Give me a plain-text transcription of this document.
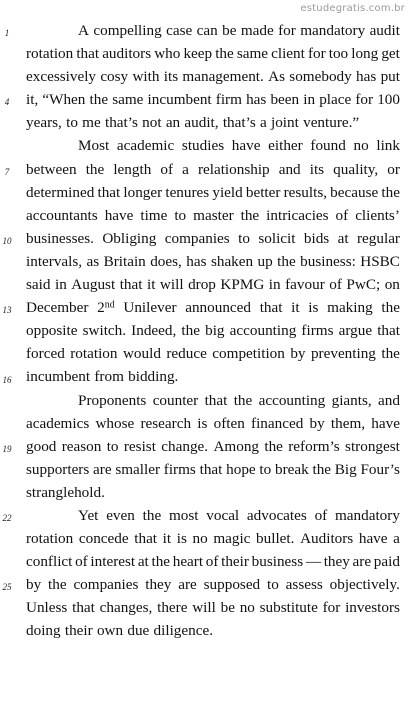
estudegratis.com.br
A compelling case can be made for mandatory audit
rotation that auditors who keep the same client for too long get
excessively cosy with its management. As somebody has put
it, “When the same incumbent firm has been in place for 100
years, to me that’s not an audit, that’s a joint venture.”
Most academic studies have either found no link
between the length of a relationship and its quality, or
determined that longer tenures yield better results, because the
accountants have time to master the intricacies of clients’
businesses. Obliging companies to solicit bids at regular
intervals, as Britain does, has shaken up the business: HSBC
said in August that it will drop KPMG in favour of PwC; on
December 2nd Unilever announced that it is making the
opposite switch. Indeed, the big accounting firms argue that
forced rotation would reduce competition by preventing the
incumbent from bidding.
Proponents counter that the accounting giants, and
academics whose research is often financed by them, have
good reason to resist change. Among the reform’s strongest
supporters are smaller firms that hope to break the Big Four’s
stranglehold.
Yet even the most vocal advocates of mandatory
rotation concede that it is no magic bullet. Auditors have a
conflict of interest at the heart of their business — they are paid
by the companies they are supposed to assess objectively.
Unless that changes, there will be no substitute for investors
doing their own due diligence.
1
4
7
10
13
16
19
22
25
